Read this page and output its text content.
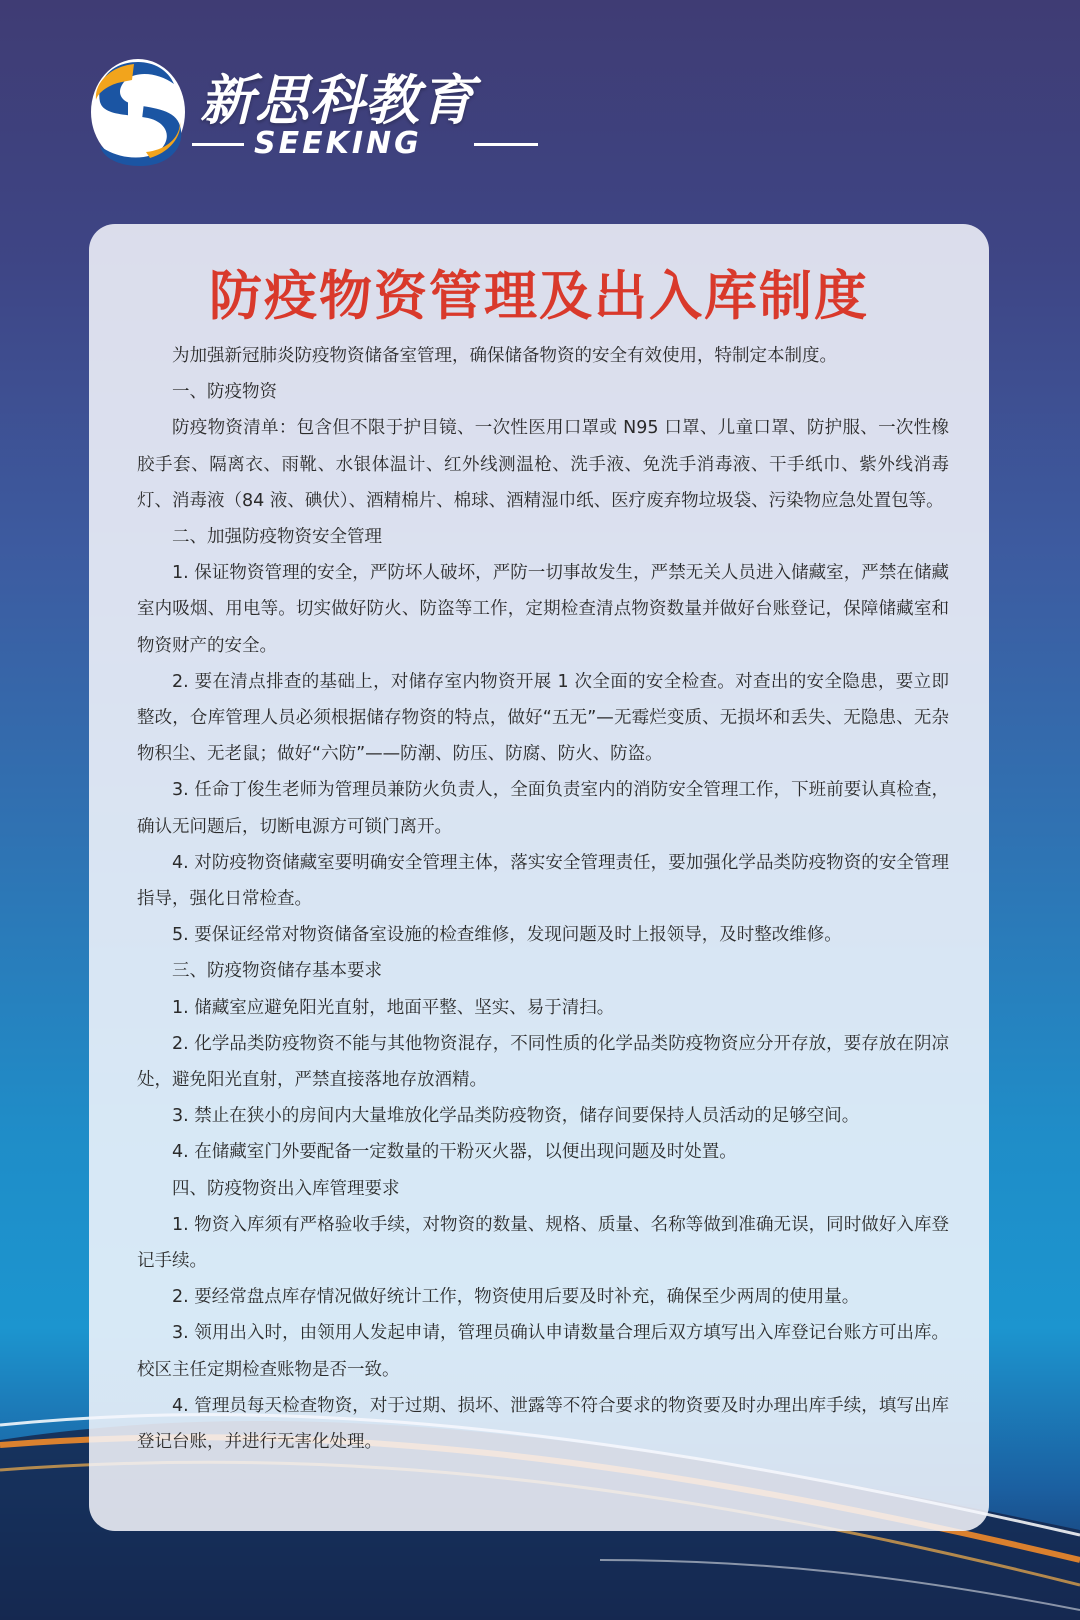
新思科教育
SEEKING
防疫物资管理及出入库制度

为加强新冠肺炎防疫物资储备室管理，确保储备物资的安全有效使用，特制定本制度。

一、防疫物资

防疫物资清单：包含但不限于护目镜、一次性医用口罩或 N95 口罩、儿童口罩、防护服、一次性橡胶手套、隔离衣、雨靴、水银体温计、红外线测温枪、洗手液、免洗手消毒液、干手纸巾、紫外线消毒灯、消毒液（84 液、碘伏）、酒精棉片、棉球、酒精湿巾纸、医疗废弃物垃圾袋、污染物应急处置包等。

二、加强防疫物资安全管理

1. 保证物资管理的安全，严防坏人破坏，严防一切事故发生，严禁无关人员进入储藏室，严禁在储藏室内吸烟、用电等。切实做好防火、防盗等工作，定期检查清点物资数量并做好台账登记，保障储藏室和物资财产的安全。

2. 要在清点排查的基础上，对储存室内物资开展 1 次全面的安全检查。对查出的安全隐患，要立即整改，仓库管理人员必须根据储存物资的特点，做好“五无”—无霉烂变质、无损坏和丢失、无隐患、无杂物积尘、无老鼠；做好“六防”——防潮、防压、防腐、防火、防盗。

3. 任命丁俊生老师为管理员兼防火负责人，全面负责室内的消防安全管理工作，下班前要认真检查，确认无问题后，切断电源方可锁门离开。

4. 对防疫物资储藏室要明确安全管理主体，落实安全管理责任，要加强化学品类防疫物资的安全管理指导，强化日常检查。

5. 要保证经常对物资储备室设施的检查维修，发现问题及时上报领导，及时整改维修。

三、防疫物资储存基本要求

1. 储藏室应避免阳光直射，地面平整、坚实、易于清扫。

2. 化学品类防疫物资不能与其他物资混存，不同性质的化学品类防疫物资应分开存放，要存放在阴凉处，避免阳光直射，严禁直接落地存放酒精。

3. 禁止在狭小的房间内大量堆放化学品类防疫物资，储存间要保持人员活动的足够空间。

4. 在储藏室门外要配备一定数量的干粉灭火器，以便出现问题及时处置。

四、防疫物资出入库管理要求

1. 物资入库须有严格验收手续，对物资的数量、规格、质量、名称等做到准确无误，同时做好入库登记手续。

2. 要经常盘点库存情况做好统计工作，物资使用后要及时补充，确保至少两周的使用量。

3. 领用出入时，由领用人发起申请，管理员确认申请数量合理后双方填写出入库登记台账方可出库。校区主任定期检查账物是否一致。

4. 管理员每天检查物资，对于过期、损坏、泄露等不符合要求的物资要及时办理出库手续，填写出库登记台账，并进行无害化处理。
